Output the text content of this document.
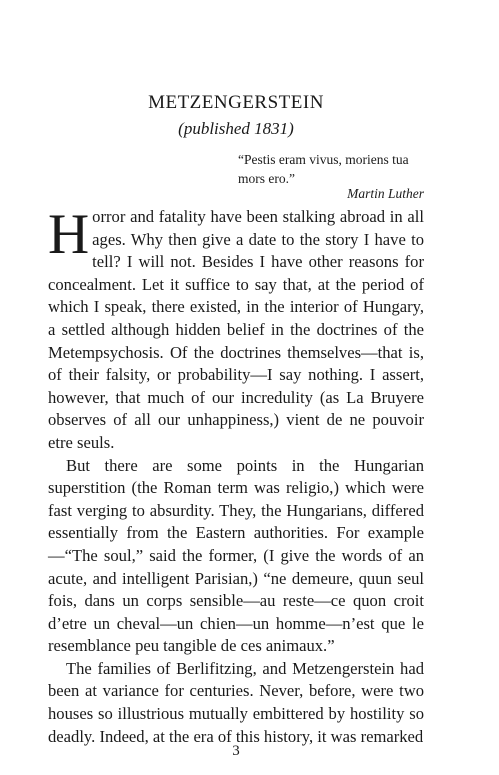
METZENGERSTEIN
(published 1831)
“Pestis eram vivus, moriens tua mors ero.”
Martin Luther

Horror and fatality have been stalking abroad in all ages. Why then give a date to the story I have to tell? I will not. Besides I have other reasons for concealment. Let it suffice to say that, at the period of which I speak, there existed, in the interior of Hungary, a settled although hidden belief in the doctrines of the Metempsychosis. Of the doctrines themselves—that is, of their falsity, or probability—I say nothing. I assert, however, that much of our incredulity (as La Bruyere observes of all our unhappiness,) vient de ne pouvoir etre seuls.

But there are some points in the Hungarian superstition (the Roman term was religio,) which were fast verging to absurdity. They, the Hungarians, differed essentially from the Eastern authorities. For example—“The soul,” said the former, (I give the words of an acute, and intelligent Parisian,) “ne demeure, quun seul fois, dans un corps sensible—au reste—ce quon croit d’etre un cheval—un chien—un homme—n’est que le resemblance peu tangible de ces animaux.”

The families of Berlifitzing, and Metzengerstein had been at variance for centuries. Never, before, were two houses so illustrious mutually embittered by hostility so deadly. Indeed, at the era of this history, it was remarked

3
